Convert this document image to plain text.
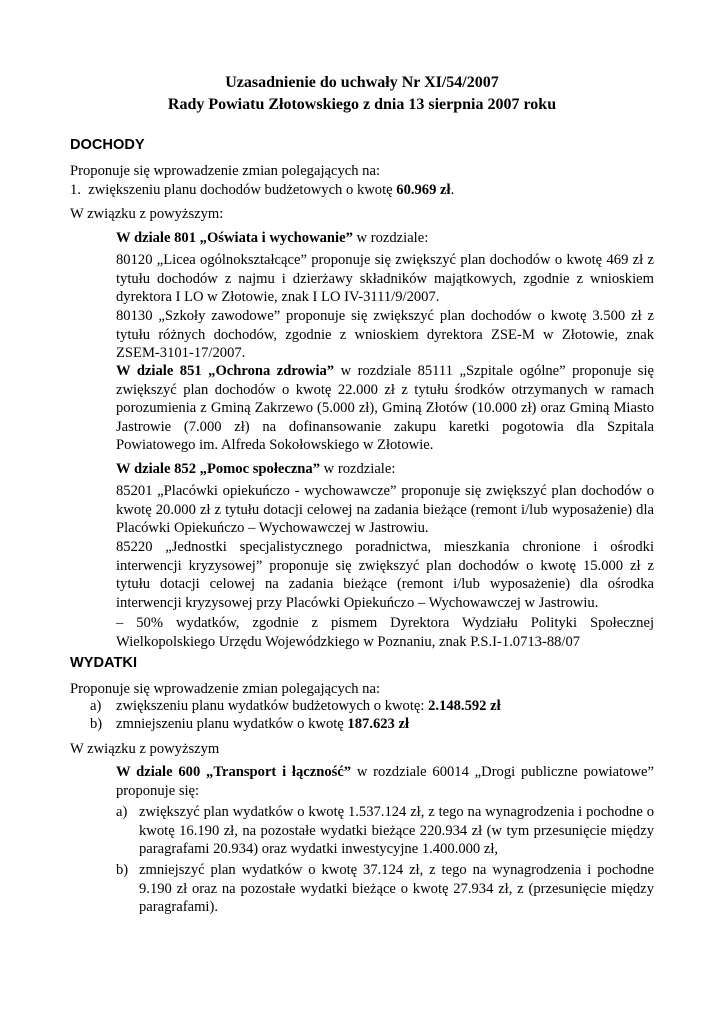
Uzasadnienie do uchwały Nr XI/54/2007
Rady Powiatu Złotowskiego z dnia 13 sierpnia 2007 roku
DOCHODY
Proponuje się wprowadzenie zmian polegających na:
1. zwiększeniu planu dochodów budżetowych o kwotę 60.969 zł.
W związku z powyższym:
W dziale 801 „Oświata i wychowanie” w rozdziale:
80120 „Licea ogólnokształcące” proponuje się zwiększyć plan dochodów o kwotę 469 zł z tytułu dochodów z najmu i dzierżawy składników majątkowych, zgodnie z wnioskiem dyrektora I LO w Złotowie, znak I LO IV-3111/9/2007.
80130 „Szkoły zawodowe” proponuje się zwiększyć plan dochodów o kwotę 3.500 zł z tytułu różnych dochodów, zgodnie z wnioskiem dyrektora ZSE-M w Złotowie, znak ZSEM-3101-17/2007.
W dziale 851 „Ochrona zdrowia” w rozdziale 85111 „Szpitale ogólne” proponuje się zwiększyć plan dochodów o kwotę 22.000 zł z tytułu środków otrzymanych w ramach porozumienia z Gminą Zakrzewo (5.000 zł), Gminą Złotów (10.000 zł) oraz Gminą Miasto Jastrowie (7.000 zł) na dofinansowanie zakupu karetki pogotowia dla Szpitala Powiatowego im. Alfreda Sokołowskiego w Złotowie.
W dziale 852 „Pomoc społeczna” w rozdziale:
85201 „Placówki opiekuńczo - wychowawcze” proponuje się zwiększyć plan dochodów o kwotę 20.000 zł z tytułu dotacji celowej na zadania bieżące (remont i/lub wyposażenie) dla Placówki Opiekuńczo – Wychowawczej w Jastrowiu.
85220 „Jednostki specjalistycznego poradnictwa, mieszkania chronione i ośrodki interwencji kryzysowej” proponuje się zwiększyć plan dochodów o kwotę 15.000 zł z tytułu dotacji celowej na zadania bieżące (remont i/lub wyposażenie) dla ośrodka interwencji kryzysowej przy Placówki Opiekuńczo – Wychowawczej w Jastrowiu.
– 50% wydatków, zgodnie z pismem Dyrektora Wydziału Polityki Społecznej Wielkopolskiego Urzędu Wojewódzkiego w Poznaniu, znak P.S.I-1.0713-88/07
WYDATKI
Proponuje się wprowadzenie zmian polegających na:
a) zwiększeniu planu wydatków budżetowych o kwotę: 2.148.592 zł
b) zmniejszeniu planu wydatków o kwotę 187.623 zł
W związku z powyższym
W dziale 600 „Transport i łączność” w rozdziale 60014 „Drogi publiczne powiatowe” proponuje się:
a) zwiększyć plan wydatków o kwotę 1.537.124 zł, z tego na wynagrodzenia i pochodne o kwotę 16.190 zł, na pozostałe wydatki bieżące 220.934 zł (w tym przesunięcie między paragrafami 20.934) oraz wydatki inwestycyjne 1.400.000 zł,
b) zmniejszyć plan wydatków o kwotę 37.124 zł, z tego na wynagrodzenia i pochodne 9.190 zł oraz na pozostałe wydatki bieżące o kwotę 27.934 zł, z (przesunięcie między paragrafami).
